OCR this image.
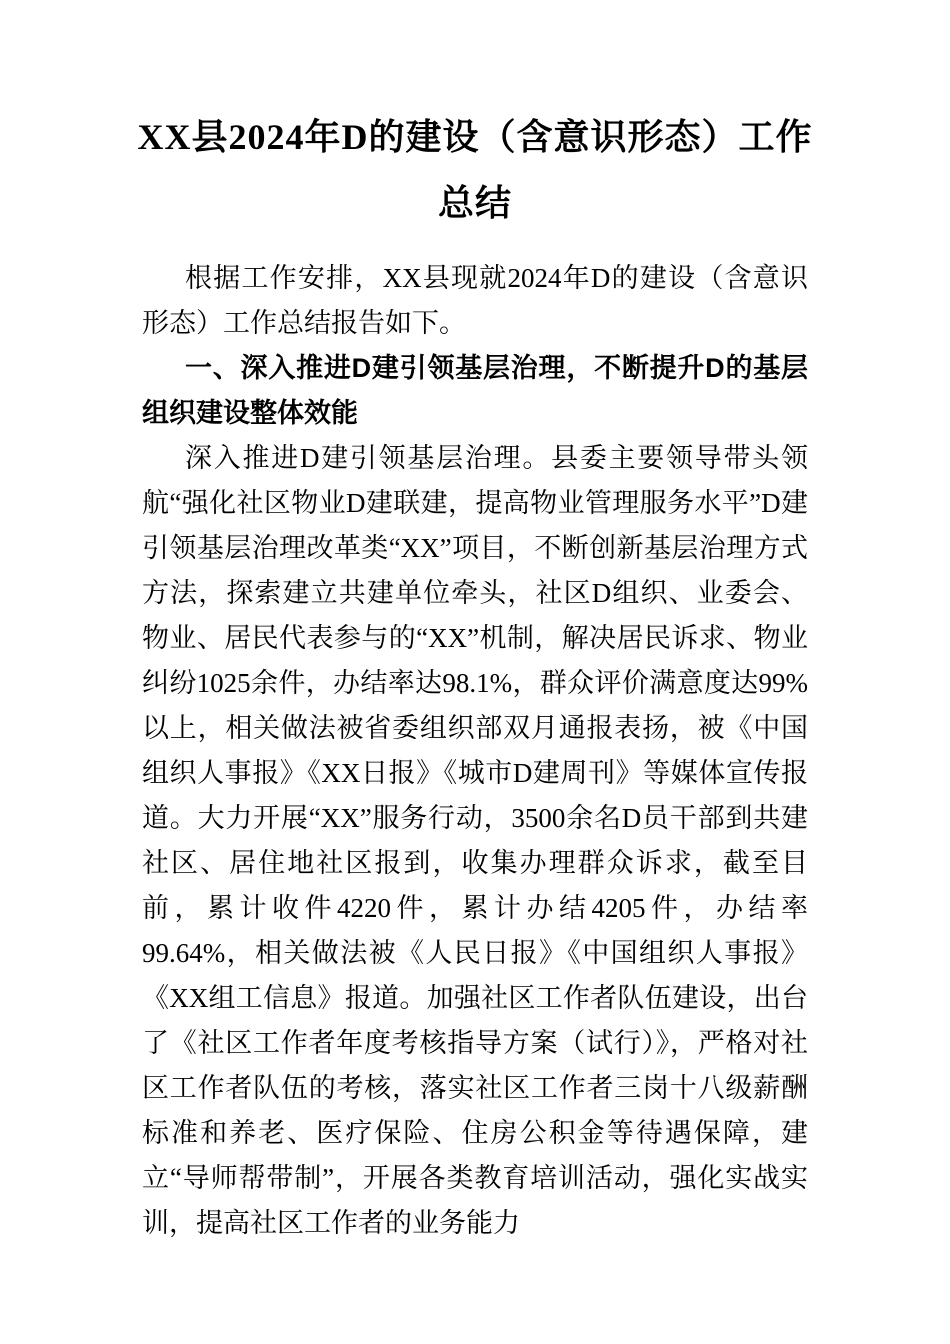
XX县2024年D的建设（含意识形态）工作总结

根据工作安排，XX县现就2024年D的建设（含意识形态）工作总结报告如下。

一、深入推进D建引领基层治理，不断提升D的基层组织建设整体效能

深入推进D建引领基层治理。县委主要领导带头领航“强化社区物业D建联建，提高物业管理服务水平”D建引领基层治理改革类“XX”项目，不断创新基层治理方式方法，探索建立共建单位牵头，社区D组织、业委会、物业、居民代表参与的“XX”机制，解决居民诉求、物业纠纷1025余件，办结率达98.1%，群众评价满意度达99%以上，相关做法被省委组织部双月通报表扬，被《中国组织人事报》《XX日报》《城市D建周刊》等媒体宣传报道。大力开展“XX”服务行动，3500余名D员干部到共建社区、居住地社区报到，收集办理群众诉求，截至目前，累计收件4220件，累计办结4205件，办结率99.64%，相关做法被《人民日报》《中国组织人事报》《XX组工信息》报道。加强社区工作者队伍建设，出台了《社区工作者年度考核指导方案（试行）》，严格对社区工作者队伍的考核，落实社区工作者三岗十八级薪酬标准和养老、医疗保险、住房公积金等待遇保障，建立“导师帮带制”，开展各类教育培训活动，强化实战实训，提高社区工作者的业务能力
